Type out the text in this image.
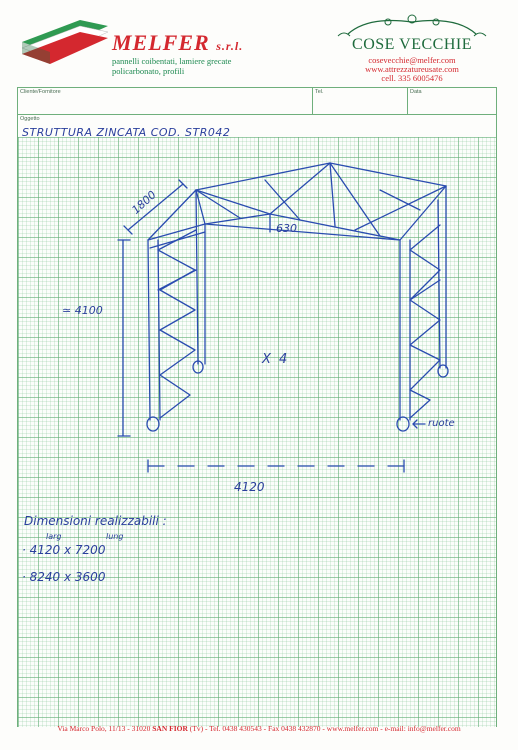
MELFER s.r.l.
pannelli coibentati, lamiere grecate
policarbonato, profili
COSE VECCHIE
cosevecchie@melfer.com
www.attrezzatureusate.com
cell. 335 6005476
Cliente/Fornitore	Tel.	Data
Oggetto
STRUTTURA ZINCATA COD. STR042
1800
630
≃ 4100
X 4
ruote
4120
Dimensioni realizzabili :
larg	lung
· 4120 x 7200
· 8240 x 3600
Via Marco Polo, 11/13 - 31020 SAN FIOR (Tv) - Tel. 0438 430543 - Fax 0438 432870 - www.melfer.com - e-mail: info@melfer.com
